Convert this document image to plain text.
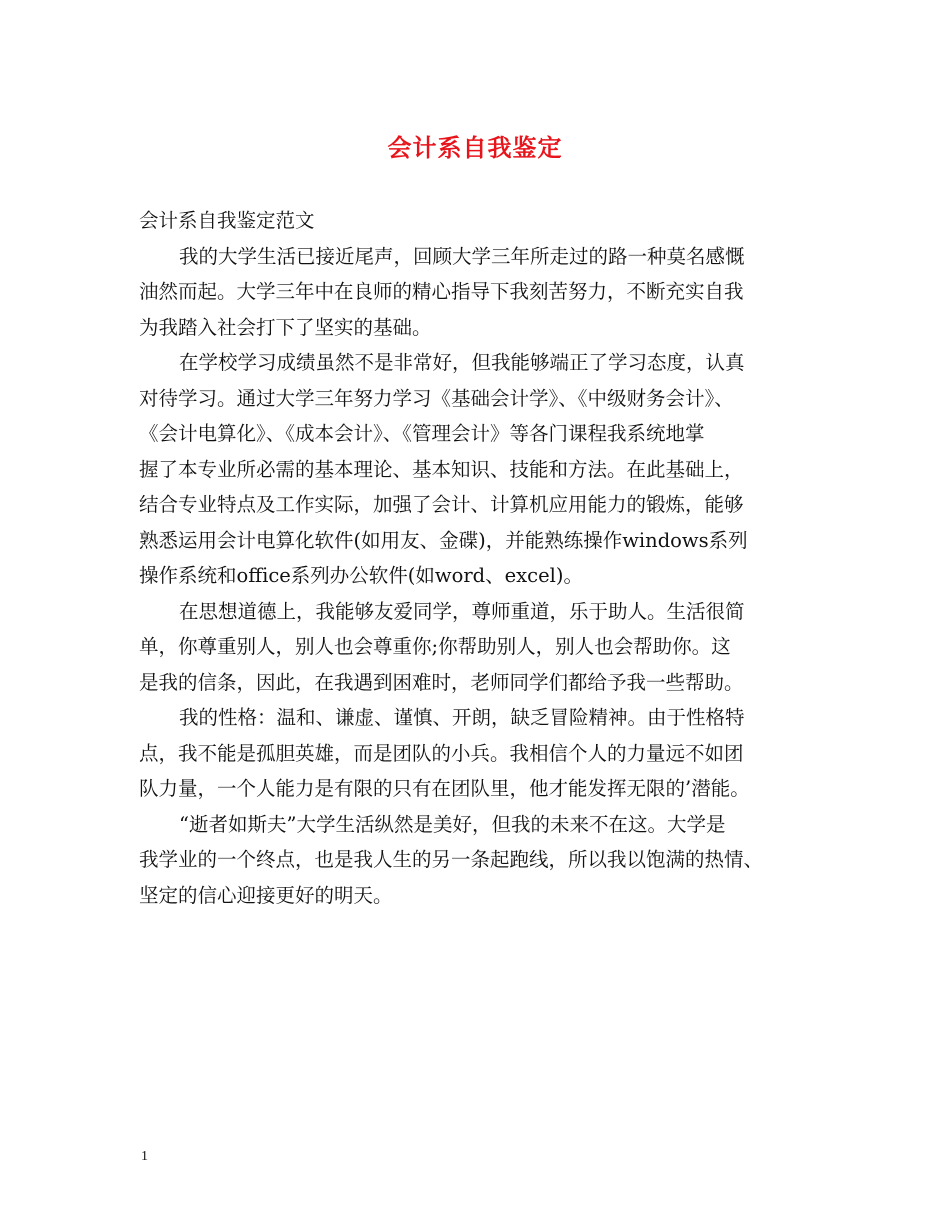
会计系自我鉴定
会计系自我鉴定范文
我的大学生活已接近尾声，回顾大学三年所走过的路一种莫名感慨
油然而起。大学三年中在良师的精心指导下我刻苦努力，不断充实自我
为我踏入社会打下了坚实的基础。
在学校学习成绩虽然不是非常好，但我能够端正了学习态度，认真
对待学习。通过大学三年努力学习《基础会计学》、《中级财务会计》、
《会计电算化》、《成本会计》、《管理会计》等各门课程我系统地掌
握了本专业所必需的基本理论、基本知识、技能和方法。在此基础上，
结合专业特点及工作实际，加强了会计、计算机应用能力的锻炼，能够
熟悉运用会计电算化软件(如用友、金碟)，并能熟练操作windows系列
操作系统和office系列办公软件(如word、excel)。
在思想道德上，我能够友爱同学，尊师重道，乐于助人。生活很简
单，你尊重别人，别人也会尊重你;你帮助别人，别人也会帮助你。这
是我的信条，因此，在我遇到困难时，老师同学们都给予我一些帮助。
我的性格：温和、谦虚、谨慎、开朗，缺乏冒险精神。由于性格特
点，我不能是孤胆英雄，而是团队的小兵。我相信个人的力量远不如团
队力量，一个人能力是有限的只有在团队里，他才能发挥无限的’潜能。
“逝者如斯夫”大学生活纵然是美好，但我的未来不在这。大学是
我学业的一个终点，也是我人生的另一条起跑线，所以我以饱满的热情、
坚定的信心迎接更好的明天。
1
